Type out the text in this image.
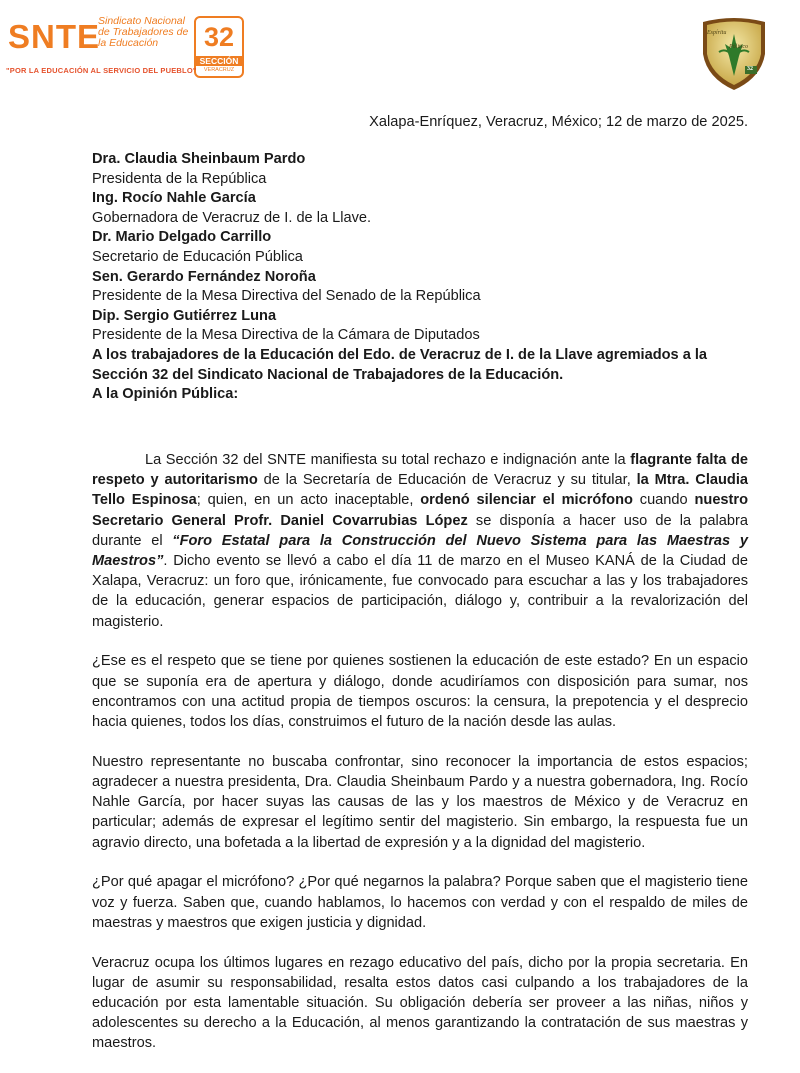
SNTE
Sindicato Nacional de Trabajadores de la Educación	32
SECCIÓN
VERACRUZ
"POR LA EDUCACIÓN AL SERVICIO DEL PUEBLO"
Espíritu
Pólitico
32
Xalapa-Enríquez, Veracruz, México; 12 de marzo de 2025.
Dra. Claudia Sheinbaum Pardo
Presidenta de la República
Ing. Rocío Nahle García
Gobernadora de Veracruz de I. de la Llave.
Dr. Mario Delgado Carrillo
Secretario de Educación Pública
Sen. Gerardo Fernández Noroña
Presidente de la Mesa Directiva del Senado de la República
Dip. Sergio Gutiérrez Luna
Presidente de la Mesa Directiva de la Cámara de Diputados
A los trabajadores de la Educación del Edo. de Veracruz de I. de la Llave agremiados a la Sección 32 del Sindicato Nacional de Trabajadores de la Educación.
A la Opinión Pública:

La Sección 32 del SNTE manifiesta su total rechazo e indignación ante la flagrante falta de respeto y autoritarismo de la Secretaría de Educación de Veracruz y su titular, la Mtra. Claudia Tello Espinosa; quien, en un acto inaceptable, ordenó silenciar el micrófono cuando nuestro Secretario General Profr. Daniel Covarrubias López se disponía a hacer uso de la palabra durante el “Foro Estatal para la Construcción del Nuevo Sistema para las Maestras y Maestros”. Dicho evento se llevó a cabo el día 11 de marzo en el Museo KANÁ de la Ciudad de Xalapa, Veracruz: un foro que, irónicamente, fue convocado para escuchar a las y los trabajadores de la educación, generar espacios de participación, diálogo y, contribuir a la revalorización del magisterio.

¿Ese es el respeto que se tiene por quienes sostienen la educación de este estado? En un espacio que se suponía era de apertura y diálogo, donde acudiríamos con disposición para sumar, nos encontramos con una actitud propia de tiempos oscuros: la censura, la prepotencia y el desprecio hacia quienes, todos los días, construimos el futuro de la nación desde las aulas.

Nuestro representante no buscaba confrontar, sino reconocer la importancia de estos espacios; agradecer a nuestra presidenta, Dra. Claudia Sheinbaum Pardo y a nuestra gobernadora, Ing. Rocío Nahle García, por hacer suyas las causas de las y los maestros de México y de Veracruz en particular; además de expresar el legítimo sentir del magisterio. Sin embargo, la respuesta fue un agravio directo, una bofetada a la libertad de expresión y a la dignidad del magisterio.

¿Por qué apagar el micrófono? ¿Por qué negarnos la palabra? Porque saben que el magisterio tiene voz y fuerza. Saben que, cuando hablamos, lo hacemos con verdad y con el respaldo de miles de maestras y maestros que exigen justicia y dignidad.

Veracruz ocupa los últimos lugares en rezago educativo del país, dicho por la propia secretaria. En lugar de asumir su responsabilidad, resalta estos datos casi culpando a los trabajadores de la educación por esta lamentable situación. Su obligación debería ser proveer a las niñas, niños y adolescentes su derecho a la Educación, al menos garantizando la contratación de sus maestras y maestros.
